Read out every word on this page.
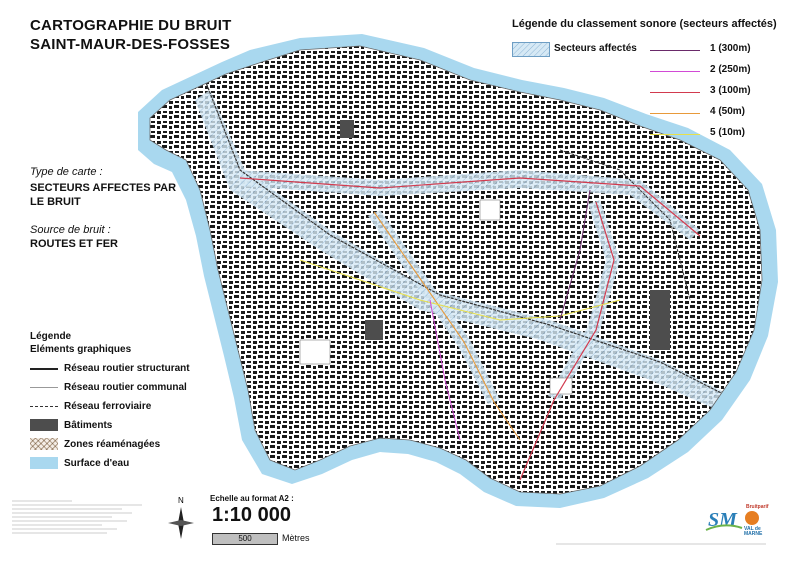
CARTOGRAPHIE DU BRUIT
SAINT-MAUR-DES-FOSSES
Type de carte :
SECTEURS AFFECTES PAR LE BRUIT
Source de bruit :
ROUTES ET FER
Légende du classement sonore (secteurs affectés)
Secteurs affectés	1 (300m)
2 (250m)
3 (100m)
4 (50m)
5 (10m)
Légende
Eléments graphiques
Réseau routier structurant
Réseau routier communal
Réseau ferroviaire
Bâtiments
Zones réaménagées
Surface d'eau
N	Echelle au format A2 :
1:10 000
500	Mètres
SM
Bruitparif
VAL de
MARNE
